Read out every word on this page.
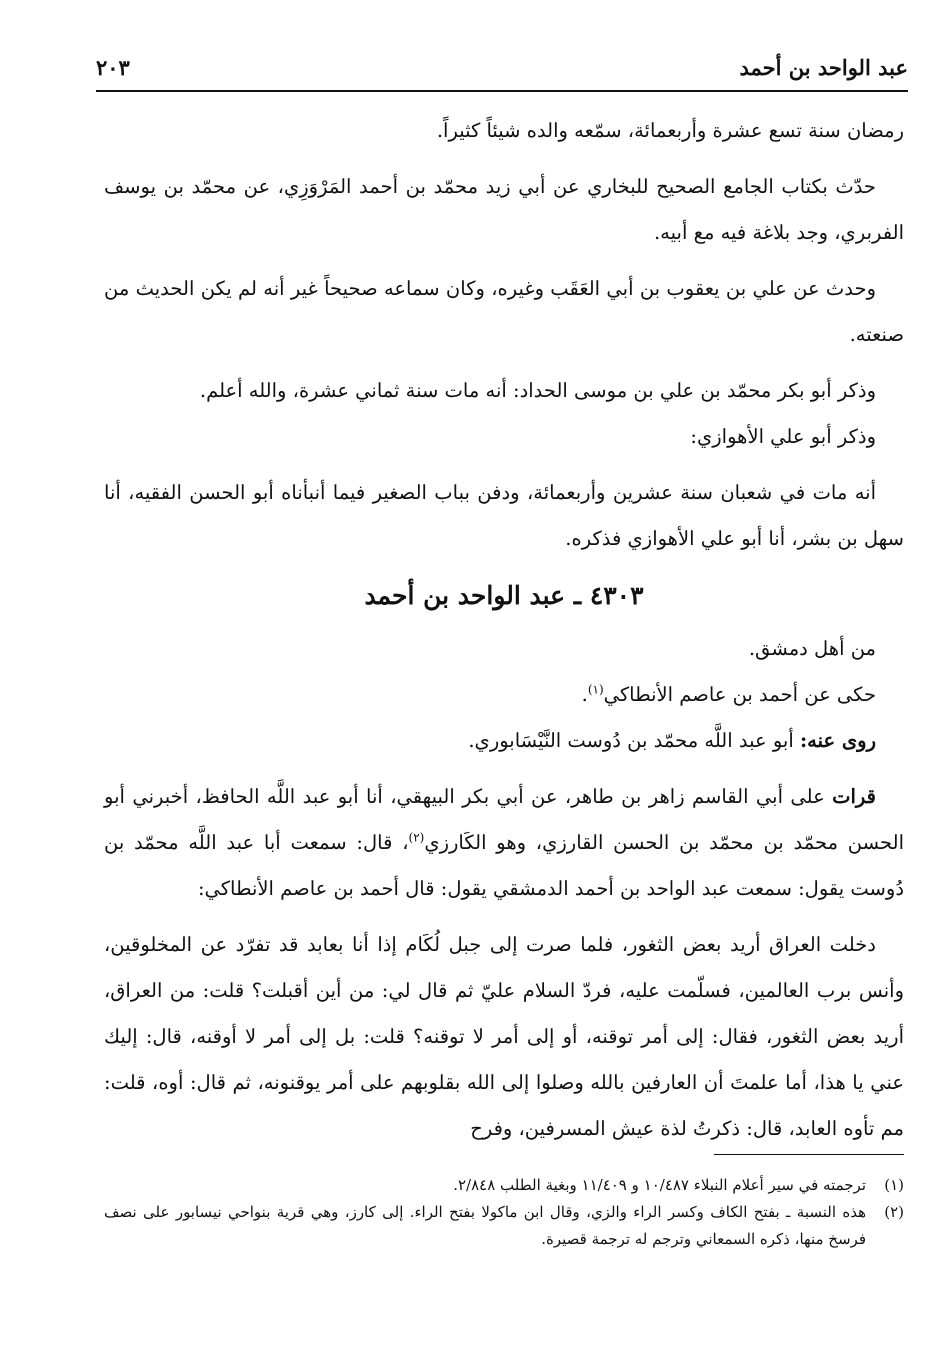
عبد الواحد بن أحمد
٢٠٣

رمضان سنة تسع عشرة وأربعمائة، سمّعه والده شيئاً كثيراً.

حدّث بكتاب الجامع الصحيح للبخاري عن أبي زيد محمّد بن أحمد المَرْوَزِي، عن محمّد بن يوسف الفربري، وجد بلاغة فيه مع أبيه.

وحدث عن علي بن يعقوب بن أبي العَقَب وغيره، وكان سماعه صحيحاً غير أنه لم يكن الحديث من صنعته.

وذكر أبو بكر محمّد بن علي بن موسى الحداد: أنه مات سنة ثماني عشرة، والله أعلم.

وذكر أبو علي الأهوازي:

أنه مات في شعبان سنة عشرين وأربعمائة، ودفن بباب الصغير فيما أنبأناه أبو الحسن الفقيه، أنا سهل بن بشر، أنا أبو علي الأهوازي فذكره.

٤٣٠٣ ـ عبد الواحد بن أحمد

من أهل دمشق.

حكى عن أحمد بن عاصم الأنطاكي$^{(١)}$.

روى عنه: أبو عبد اللَّه محمّد بن دُوست النَّيْسَابوري.

قرات على أبي القاسم زاهر بن طاهر، عن أبي بكر البيهقي، أنا أبو عبد اللَّه الحافظ، أخبرني أبو الحسن محمّد بن محمّد بن الحسن القارزي، وهو الكَارزي$^{(٢)}$، قال: سمعت أبا عبد اللَّه محمّد بن دُوست يقول: سمعت عبد الواحد بن أحمد الدمشقي يقول: قال أحمد بن عاصم الأنطاكي:

دخلت العراق أريد بعض الثغور، فلما صرت إلى جبل لُكَام إذا أنا بعابد قد تفرّد عن المخلوقين، وأنس برب العالمين، فسلّمت عليه، فردّ السلام عليّ ثم قال لي: من أين أقبلت؟ قلت: من العراق، أريد بعض الثغور، فقال: إلى أمر توقنه، أو إلى أمر لا توقنه؟ قلت: بل إلى أمر لا أوقنه، قال: إليك عني يا هذا، أما علمتَ أن العارفين بالله وصلوا إلى الله بقلوبهم على أمر يوقنونه، ثم قال: أوه، قلت: مم تأوه العابد، قال: ذكرتُ لذة عيش المسرفين، وفرح

(١)
ترجمته في سير أعلام النبلاء ١٠/٤٨٧ و ١١/٤٠٩ وبغية الطلب ٢/٨٤٨.
(٢)
هذه النسبة ـ بفتح الكاف وكسر الراء والزي، وقال ابن ماكولا بفتح الراء. إلى كارز، وهي قرية بنواحي نيسابور على نصف فرسخ منها، ذكره السمعاني وترجم له ترجمة قصيرة.
